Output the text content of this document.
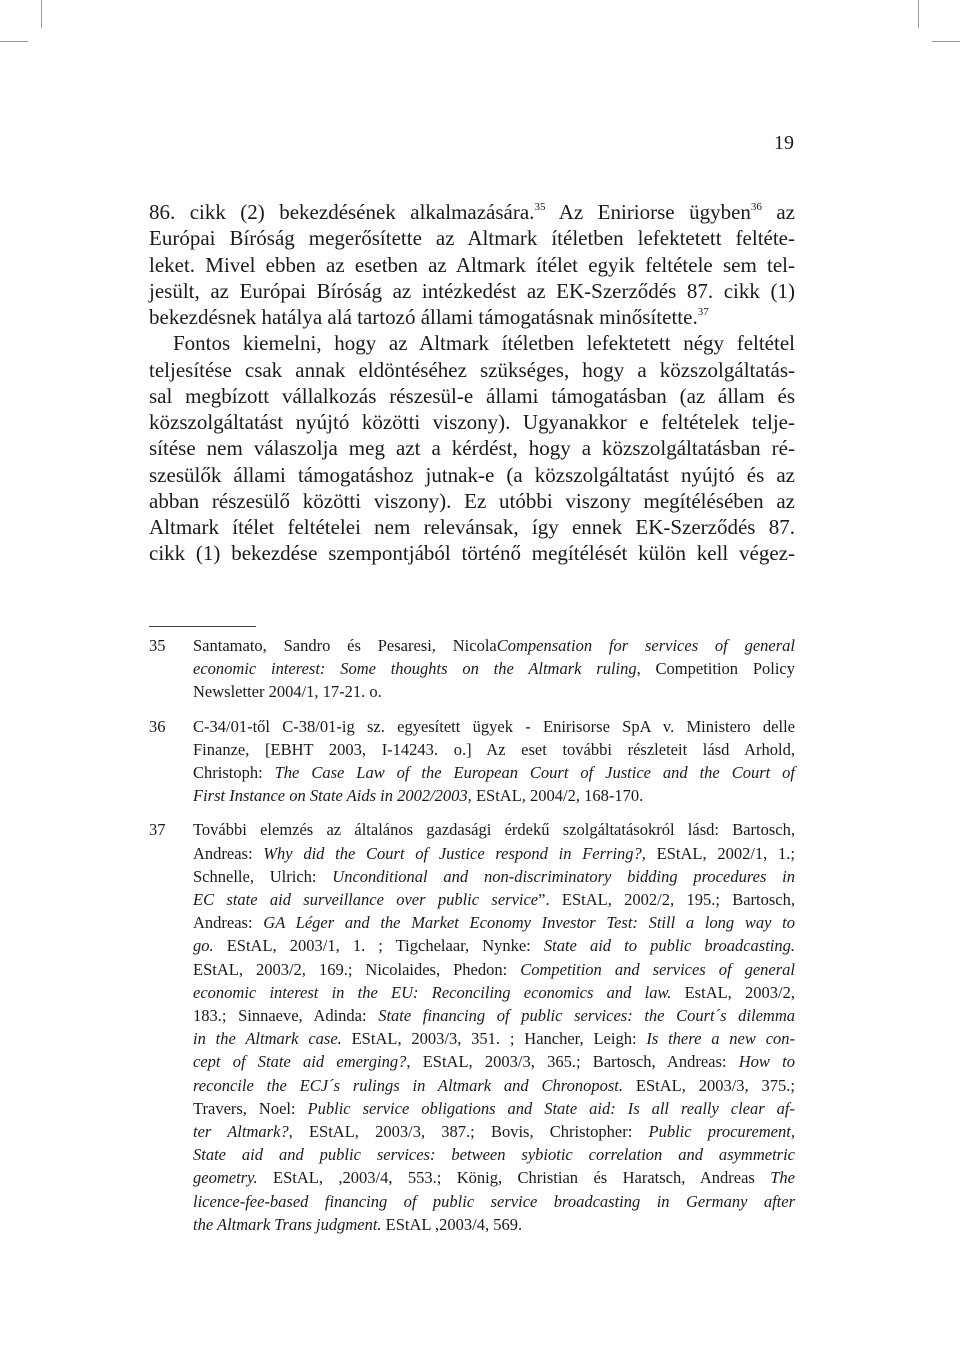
19

86. cikk (2) bekezdésének alkalmazására.$^{35}$ Az Eniriorse ügyben$^{36}$ az
Európai Bíróság megerősítette az Altmark ítéletben lefektetett feltéte-
leket. Mivel ebben az esetben az Altmark ítélet egyik feltétele sem tel-
jesült, az Európai Bíróság az intézkedést az EK-Szerződés 87. cikk (1)
bekezdésnek hatálya alá tartozó állami támogatásnak minősítette.$^{37}$

Fontos kiemelni, hogy az Altmark ítéletben lefektetett négy feltétel
teljesítése csak annak eldöntéséhez szükséges, hogy a közszolgáltatás-
sal megbízott vállalkozás részesül-e állami támogatásban (az állam és
közszolgáltatást nyújtó közötti viszony). Ugyanakkor e feltételek telje-
sítése nem válaszolja meg azt a kérdést, hogy a közszolgáltatásban ré-
szesülők állami támogatáshoz jutnak-e (a közszolgáltatást nyújtó és az
abban részesülő közötti viszony). Ez utóbbi viszony megítélésében az
Altmark ítélet feltételei nem relevánsak, így ennek EK-Szerződés 87.
cikk (1) bekezdése szempontjából történő megítélését külön kell végez-

35	Santamato, Sandro és Pesaresi, NicolaCompensation for services of general
economic interest: Some thoughts on the Altmark ruling, Competition Policy
Newsletter 2004/1, 17-21. o.
36	C-34/01-től C-38/01-ig sz. egyesített ügyek - Enirisorse SpA v. Ministero delle
Finanze, [EBHT 2003, I-14243. o.] Az eset további részleteit lásd Arhold,
Christoph: The Case Law of the European Court of Justice and the Court of
First Instance on State Aids in 2002/2003, EStAL, 2004/2, 168-170.
37	További elemzés az általános gazdasági érdekű szolgáltatásokról lásd: Bartosch,
Andreas: Why did the Court of Justice respond in Ferring?, EStAL, 2002/1, 1.;
Schnelle, Ulrich: Unconditional and non-discriminatory bidding procedures in
EC state aid surveillance over public service”. EStAL, 2002/2, 195.; Bartosch,
Andreas: GA Léger and the Market Economy Investor Test: Still a long way to
go. EStAL, 2003/1, 1. ; Tigchelaar, Nynke: State aid to public broadcasting.
EStAL, 2003/2, 169.; Nicolaides, Phedon: Competition and services of general
economic interest in the EU: Reconciling economics and law. EstAL, 2003/2,
183.; Sinnaeve, Adinda: State financing of public services: the Court´s dilemma
in the Altmark case. EStAL, 2003/3, 351. ; Hancher, Leigh: Is there a new con-
cept of State aid emerging?, EStAL, 2003/3, 365.; Bartosch, Andreas: How to
reconcile the ECJ´s rulings in Altmark and Chronopost. EStAL, 2003/3, 375.;
Travers, Noel: Public service obligations and State aid: Is all really clear af-
ter Altmark?, EStAL, 2003/3, 387.; Bovis, Christopher: Public procurement,
State aid and public services: between sybiotic correlation and asymmetric
geometry. EStAL, ,2003/4, 553.; König, Christian és Haratsch, Andreas The
licence-fee-based financing of public service broadcasting in Germany after
the Altmark Trans judgment. EStAL ,2003/4, 569.
